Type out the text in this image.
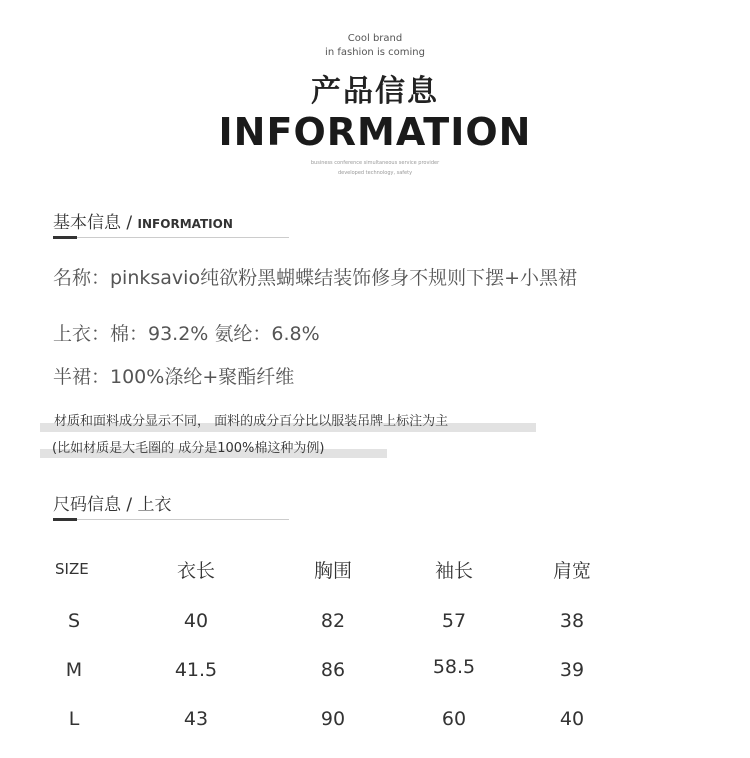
Cool brand
in fashion is coming
产品信息
INFORMATION
business conference simultaneous service provider
developed technology, safety
基本信息 / INFORMATION
名称：pinksavio纯欲粉黑蝴蝶结装饰修身不规则下摆+小黑裙
上衣：棉：93.2% 氨纶：6.8%
半裙：100%涤纶+聚酯纤维
材质和面料成分显示不同， 面料的成分百分比以服装吊牌上标注为主
(比如材质是大毛圈的 成分是100%棉这种为例)
尺码信息 / 上衣
SIZE	衣长	胸围	袖长	肩宽
S	40	82	57	38
M	41.5	86	58.5	39
L	43	90	60	40
